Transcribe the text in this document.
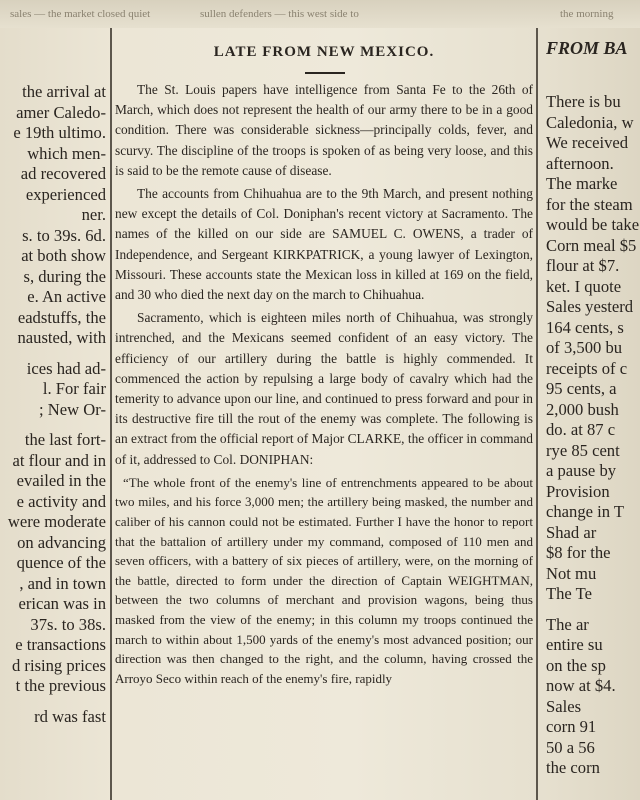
sales — the market closed quiet	sullen defenders — this west side to	the morning
the arrival at
amer Caledo-
e 19th ultimo.
which men-
ad recovered
experienced
ner.
s. to 39s. 6d.
at both show
s, during the
e. An active
eadstuffs, the
nausted, with
ices had ad-
l. For fair
; New Or-
the last fort-
at flour and in
evailed in the
e activity and
were moderate
on advancing
quence of the
, and in town
erican was in
37s. to 38s.
e transactions
d rising prices
t the previous
rd was fast
LATE FROM NEW MEXICO.

The St. Louis papers have intelligence from Santa Fe to the 26th of March, which does not represent the health of our army there to be in a good condition. There was considerable sickness—principally colds, fever, and scurvy. The discipline of the troops is spoken of as being very loose, and this is said to be the remote cause of disease.

The accounts from Chihuahua are to the 9th March, and present nothing new except the details of Col. Doniphan's recent victory at Sacramento. The names of the killed on our side are SAMUEL C. OWENS, a trader of Independence, and Sergeant KIRKPATRICK, a young lawyer of Lexington, Missouri. These accounts state the Mexican loss in killed at 169 on the field, and 30 who died the next day on the march to Chihuahua.

Sacramento, which is eighteen miles north of Chihuahua, was strongly intrenched, and the Mexicans seemed confident of an easy victory. The efficiency of our artillery during the battle is highly commended. It commenced the action by repulsing a large body of cavalry which had the temerity to advance upon our line, and continued to press forward and pour in its destructive fire till the rout of the enemy was complete. The following is an extract from the official report of Major CLARKE, the officer in command of it, addressed to Col. DONIPHAN:

“The whole front of the enemy's line of entrenchments appeared to be about two miles, and his force 3,000 men; the artillery being masked, the number and caliber of his cannon could not be estimated. Further I have the honor to report that the battalion of artillery under my command, composed of 110 men and seven officers, with a battery of six pieces of artillery, were, on the morning of the battle, directed to form under the direction of Captain WEIGHTMAN, between the two columns of merchant and provision wagons, being thus masked from the view of the enemy; in this column my troops continued the march to within about 1,500 yards of the enemy's most advanced position; our direction was then changed to the right, and the column, having crossed the Arroyo Seco within reach of the enemy's fire, rapidly

FROM BA
There is bu
Caledonia, w
We received
afternoon.
The marke
for the steam
would be take
Corn meal $5
flour at $7.
ket. I quote
Sales yesterd
164 cents, s
of 3,500 bu
receipts of c
95 cents, a
2,000 bush
do. at 87 c
rye 85 cent
a pause by
Provision
change in T
Shad ar
$8 for the
Not mu
The Te
The ar
entire su
on the sp
now at $4.
Sales
corn 91
50 a 56
the corn
